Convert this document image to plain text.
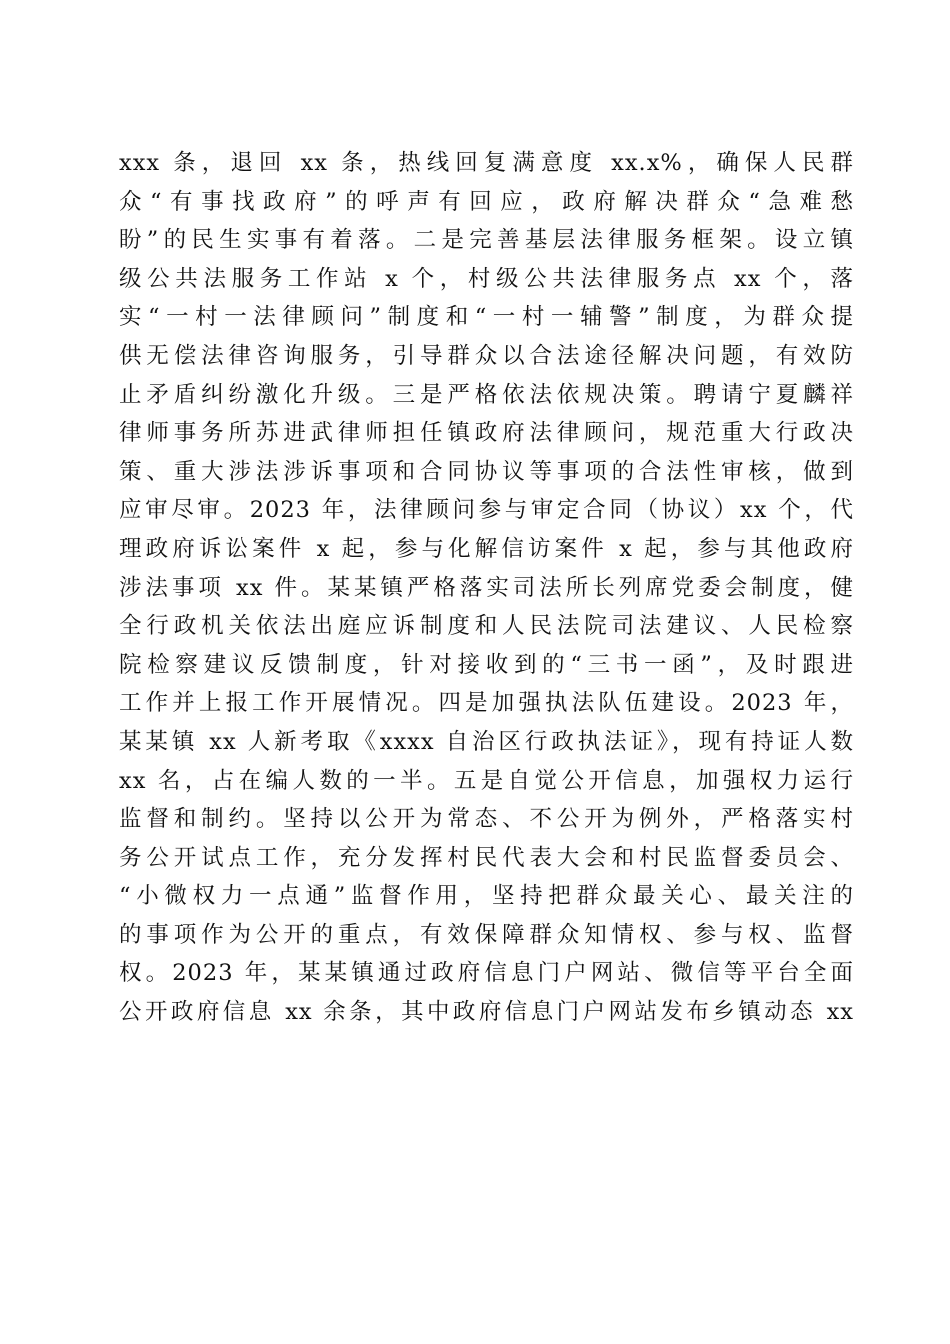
xxx 条，退回 xx 条，热线回复满意度 xx.x%，确保人民群
众“有事找政府”的呼声有回应，政府解决群众“急难愁
盼”的民生实事有着落。二是完善基层法律服务框架。设立镇
级公共法服务工作站 x 个，村级公共法律服务点 xx 个，落
实“一村一法律顾问”制度和“一村一辅警”制度，为群众提
供无偿法律咨询服务，引导群众以合法途径解决问题，有效防
止矛盾纠纷激化升级。三是严格依法依规决策。聘请宁夏麟祥
律师事务所苏进武律师担任镇政府法律顾问，规范重大行政决
策、重大涉法涉诉事项和合同协议等事项的合法性审核，做到
应审尽审。2023 年，法律顾问参与审定合同（协议）xx 个，代
理政府诉讼案件 x 起，参与化解信访案件 x 起，参与其他政府
涉法事项 xx 件。某某镇严格落实司法所长列席党委会制度，健
全行政机关依法出庭应诉制度和人民法院司法建议、人民检察
院检察建议反馈制度，针对接收到的“三书一函”，及时跟进
工作并上报工作开展情况。四是加强执法队伍建设。2023 年，
某某镇 xx 人新考取《xxxx 自治区行政执法证》，现有持证人数
xx 名，占在编人数的一半。五是自觉公开信息，加强权力运行
监督和制约。坚持以公开为常态、不公开为例外，严格落实村
务公开试点工作，充分发挥村民代表大会和村民监督委员会、
“小微权力一点通”监督作用，坚持把群众最关心、最关注的
的事项作为公开的重点，有效保障群众知情权、参与权、监督
权。2023 年，某某镇通过政府信息门户网站、微信等平台全面
公开政府信息 xx 余条，其中政府信息门户网站发布乡镇动态 xx
